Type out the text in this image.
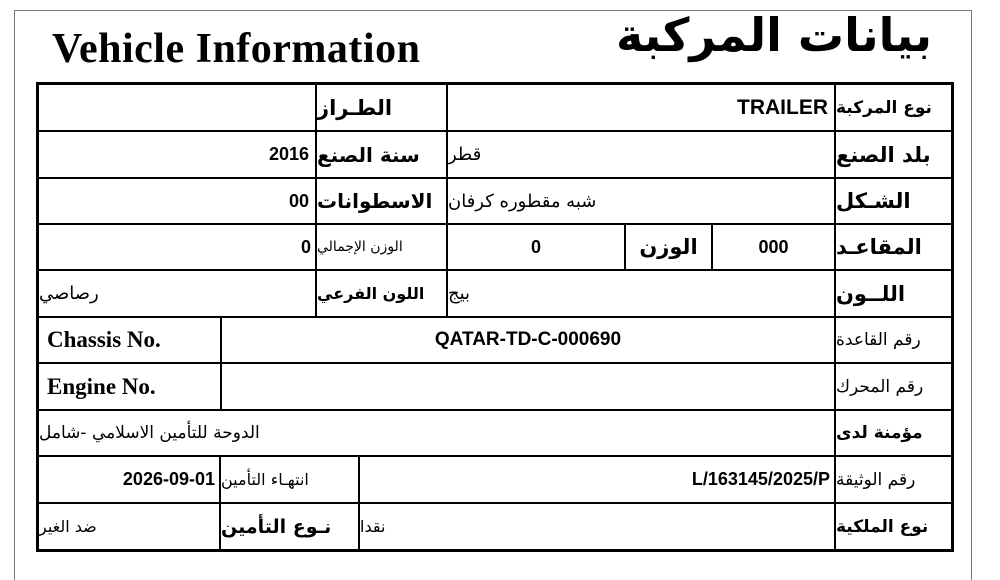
Vehicle Information	بيانات المركبة
نوع المركبة
TRAILER
الطـراز
بلد الصنع
قطر
سنة الصنع
2016
الشـكل
شبه مقطوره كرفان
الاسطوانات
00
المقاعـد
000
الوزن
0
الوزن الإجمالي
0
اللــون
بيج
اللون الفرعي
رصاصي
رقم القاعدة
QATAR-TD-C-000690
Chassis No.
رقم المحرك
Engine No.
مؤمنة لدى
الدوحة للتأمين الاسلامي -شامل
رقم الوثيقة
L/163145/2025/P
انتهـاء التأمين
2026-09-01
نوع الملكية
نقدا
نـوع التأمين
ضد الغير
